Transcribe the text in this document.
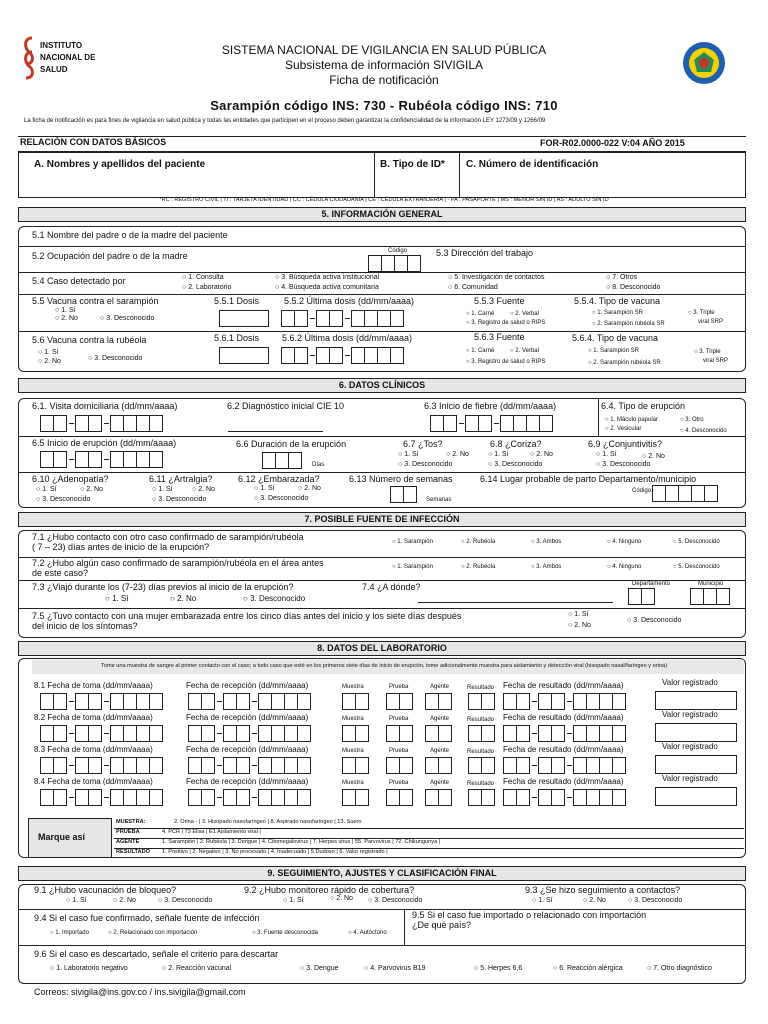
INSTITUTO
NACIONAL DE
SALUD
SISTEMA NACIONAL DE VIGILANCIA EN SALUD PÚBLICA
Subsistema de información SIVIGILA
Ficha de notificación
Sarampión código INS: 730 - Rubéola código INS: 710
La ficha de notificación es para fines de vigilancia en salud pública y todas las entidades que participen en el proceso deben garantizar la confidencialidad de la información LEY 1273/09 y 1266/09
RELACIÓN CON DATOS BÁSICOS	FOR-R02.0000-022 V:04 AÑO 2015
A. Nombres y apellidos del paciente	B. Tipo de ID* C. Número de identificación
*RC : REGISTRO CIVIL | TI : TARJETA IDENTIDAD | CC : CÉDULA CIUDADANÍA | CE : CÉDULA EXTRANJERÍA | - PA : PASAPORTE | MS : MENOR SIN ID | AS : ADULTO SIN ID
5. INFORMACIÓN GENERAL
5.1 Nombre del padre o de la madre del paciente
5.2 Ocupación del padre o de la madre	Código	5.3 Dirección del trabajo
5.4 Caso detectado por	○ 1. Consulta
○ 2. Laboratorio
○ 3. Búsqueda activa institucional
○ 4. Búsqueda activa comunitaria
○ 5. Investigación de contactos
○ 6. Comunidad
○ 7. Otros
○ 8. Desconocido
5.5 Vacuna contra el sarampión
○ 1. Sí
○ 2. No	○ 3. Desconocido
5.5.1 Dosis	5.5.2 Última dosis (dd/mm/aaaa)	5.5.3 Fuente
○ 1. Carné	○ 2. Verbal
○ 3. Registro de salud o RIPS
5.5.4. Tipo de vacuna
○ 1. Sarampión SR
○ 2. Sarampión rubéola SR
○ 3. Triple
viral SRP
5.6 Vacuna contra la rubéola
○ 1. Sí
○ 2. No	○ 3. Desconocido
5.6.1 Dosis	5.6.2 Última dosis (dd/mm/aaaa)	5.6.3 Fuente
○ 1. Carné	○ 2. Verbal
○ 3. Registro de salud o RIPS
5.6.4. Tipo de vacuna
○ 1. Sarampión SR
○ 2. Sarampión rubéola SR
○ 3. Triple
viral SRP
6. DATOS CLÍNICOS
6.1. Visita domiciliaria (dd/mm/aaaa)	6.2 Diagnóstico inicial CIE 10	6.3 Inicio de fiebre (dd/mm/aaaa)	6.4. Tipo de erupción
○ 1. Máculo papular
○ 2. Vesicular
○ 3. Otro
○ 4. Desconocido
6.5 Inicio de erupción (dd/mm/aaaa)	6.6 Duración de la erupción
Días
6.7 ¿Tos?
○ 1. Sí	○ 2. No
○ 3. Desconocido
6.8 ¿Coriza?
○ 1. Sí	○ 2. No
○ 3. Desconocido
6.9 ¿Conjuntivitis?
○ 1. Sí	○ 2. No
○ 3. Desconocido
6.10 ¿Adenopatía?
○ 1. Sí	○ 2. No
○ 3. Desconocido
6.11 ¿Artralgia?
○ 1. Sí	○ 2. No
○ 3. Desconocido
6.12 ¿Embarazada?
○ 1. Sí	○ 2. No
○ 3. Desconocido
6.13 Número de semanas
Semanas
6.14 Lugar probable de parto Departamento/municipio
Código
7. POSIBLE FUENTE DE INFECCIÓN
7.1 ¿Hubo contacto con otro caso confirmado de sarampión/rubéola
( 7 – 23) días antes de inicio de la erupción?	○ 1. Sarampión	○ 2. Rubéola	○ 3. Ambos	○ 4. Ninguno	○ 5. Desconocido
7.2 ¿Hubo algún caso confirmado de sarampión/rubéola en el área antes
de este caso?
○ 1. Sarampión	○ 2. Rubéola	○ 3. Ambos	○ 4. Ninguno	○ 5. Desconocido
7.3 ¿Viajó durante los (7-23) días previos al inicio de la erupción?
○ 1. Sí	○ 2. No	○ 3. Desconocido
7.4 ¿A dónde?	Departamento	Municipio
7.5 ¿Tuvo contacto con una mujer embarazada entre los cinco días antes del inicio y los siete días después
del inicio de los síntomas?
○ 1. Sí
○ 2. No
○ 3. Desconocido
8. DATOS DEL LABORATORIO
Tome una muestra de sangre al primer contacto con el caso; a todo caso que esté en los primeros siete días de inicio de erupción, tome adicionalmente muestra para aislamiento y detección viral (hisopado nasal/faríngeo y orina)
8.1 Fecha de toma (dd/mm/aaaa)	Fecha de recepción (dd/mm/aaaa)	Muestra	Prueba	Agente	Resultado Fecha de resultado (dd/mm/aaaa)	Valor registrado
8.2 Fecha de toma (dd/mm/aaaa)	Fecha de recepción (dd/mm/aaaa)	Muestra	Prueba	Agente	Resultado Fecha de resultado (dd/mm/aaaa)	Valor registrado
8.3 Fecha de toma (dd/mm/aaaa)	Fecha de recepción (dd/mm/aaaa)	Muestra	Prueba	Agente	Resultado Fecha de resultado (dd/mm/aaaa)	Valor registrado
8.4 Fecha de toma (dd/mm/aaaa)	Fecha de recepción (dd/mm/aaaa)	Muestra	Prueba	Agente	Resultado Fecha de resultado (dd/mm/aaaa)	Valor registrado
Marque así
MUESTRA:	2. Orina - | 3. Hisopado nasofaríngeo | 8. Aspirado nasofaríngeo | 13. Suero
PRUEBA	4. PCR | 73 Elisa | E1 Aislamiento viral |
AGENTE	1. Sarampión | 2. Rubéola | 3. Dengue | 4. Citomegalovirus | 7. Herpes virus | 55. Parvovirus | 72. Chikungunya |
RESULTADO 1. Positivo | 2. Negativo | 3. No procesado | 4. Inadecuado | 5.Dudoso | 6. Valor registrado |
9. SEGUIMIENTO, AJUSTES Y CLASIFICACIÓN FINAL
9.1 ¿Hubo vacunación de bloqueo?
○ 1. Sí	○ 2. No	○ 3. Desconocido
9.2 ¿Hubo monitoreo rápido de cobertura?
○ 1. Sí	○ 2. No ○ 3. Desconocido
9.3 ¿Se hizo seguimiento a contactos?
○ 1. Sí	○ 2. No	○ 3. Desconocido
9.4 Si el caso fue confirmado, señale fuente de infección
○ 1. Importado	○ 2. Relacionado con importación	○ 3. Fuente desconocida	○ 4. Autóctono
9.5 Si el caso fue importado o relacionado con importación
¿De qué país?
9.6 Si el caso es descartado, señale el criterio para descartar
○ 1. Laboratorio negativo	○ 2. Reacción vacunal	○ 3. Dengue	○ 4. Parvovirus B19	○ 5. Herpes 6,6	○ 6. Reacción alérgica	○ 7. Otro diagnóstico
Correos: sivigila@ins.gov.co / ins.sivigila@gmail.com
